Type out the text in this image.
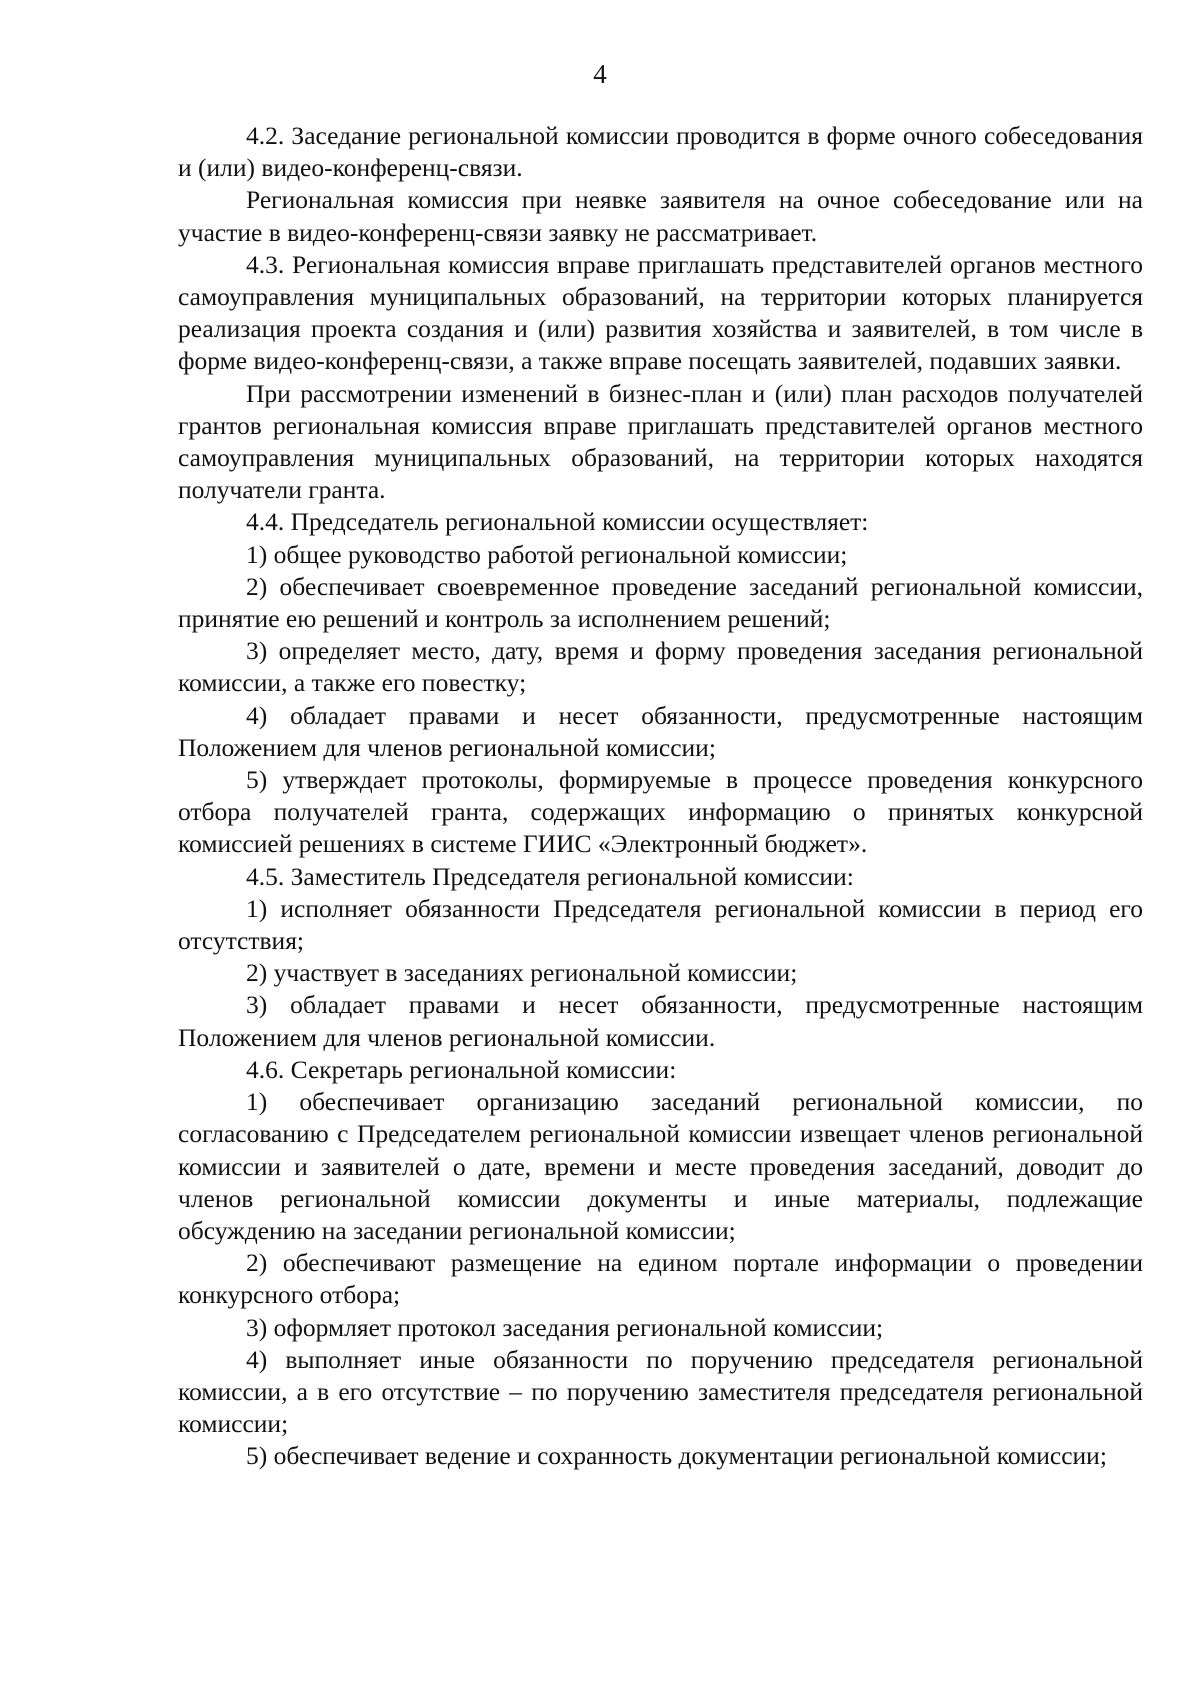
4

4.2. Заседание региональной комиссии проводится в форме очного собеседования и (или) видео-конференц-связи.

Региональная комиссия при неявке заявителя на очное собеседование или на участие в видео-конференц-связи заявку не рассматривает.

4.3. Региональная комиссия вправе приглашать представителей органов местного самоуправления муниципальных образований, на территории которых планируется реализация проекта создания и (или) развития хозяйства и заявителей, в том числе в форме видео-конференц-связи, а также вправе посещать заявителей, подавших заявки.

При рассмотрении изменений в бизнес-план и (или) план расходов получателей грантов региональная комиссия вправе приглашать представителей органов местного самоуправления муниципальных образований, на территории которых находятся получатели гранта.

4.4. Председатель региональной комиссии осуществляет:

1) общее руководство работой региональной комиссии;

2) обеспечивает своевременное проведение заседаний региональной комиссии, принятие ею решений и контроль за исполнением решений;

3) определяет место, дату, время и форму проведения заседания региональной комиссии, а также его повестку;

4) обладает правами и несет обязанности, предусмотренные настоящим Положением для членов региональной комиссии;

5) утверждает протоколы, формируемые в процессе проведения конкурсного отбора получателей гранта, содержащих информацию о принятых конкурсной комиссией решениях в системе ГИИС «Электронный бюджет».

4.5. Заместитель Председателя региональной комиссии:

1) исполняет обязанности Председателя региональной комиссии в период его отсутствия;

2) участвует в заседаниях региональной комиссии;

3) обладает правами и несет обязанности, предусмотренные настоящим Положением для членов региональной комиссии.

4.6. Секретарь региональной комиссии:

1) обеспечивает организацию заседаний региональной комиссии, по согласованию с Председателем региональной комиссии извещает членов региональной комиссии и заявителей о дате, времени и месте проведения заседаний, доводит до членов региональной комиссии документы и иные материалы, подлежащие обсуждению на заседании региональной комиссии;

2) обеспечивают размещение на едином портале информации о проведении конкурсного отбора;

3) оформляет протокол заседания региональной комиссии;

4) выполняет иные обязанности по поручению председателя региональной комиссии, а в его отсутствие – по поручению заместителя председателя региональной комиссии;

5) обеспечивает ведение и сохранность документации региональной комиссии;
